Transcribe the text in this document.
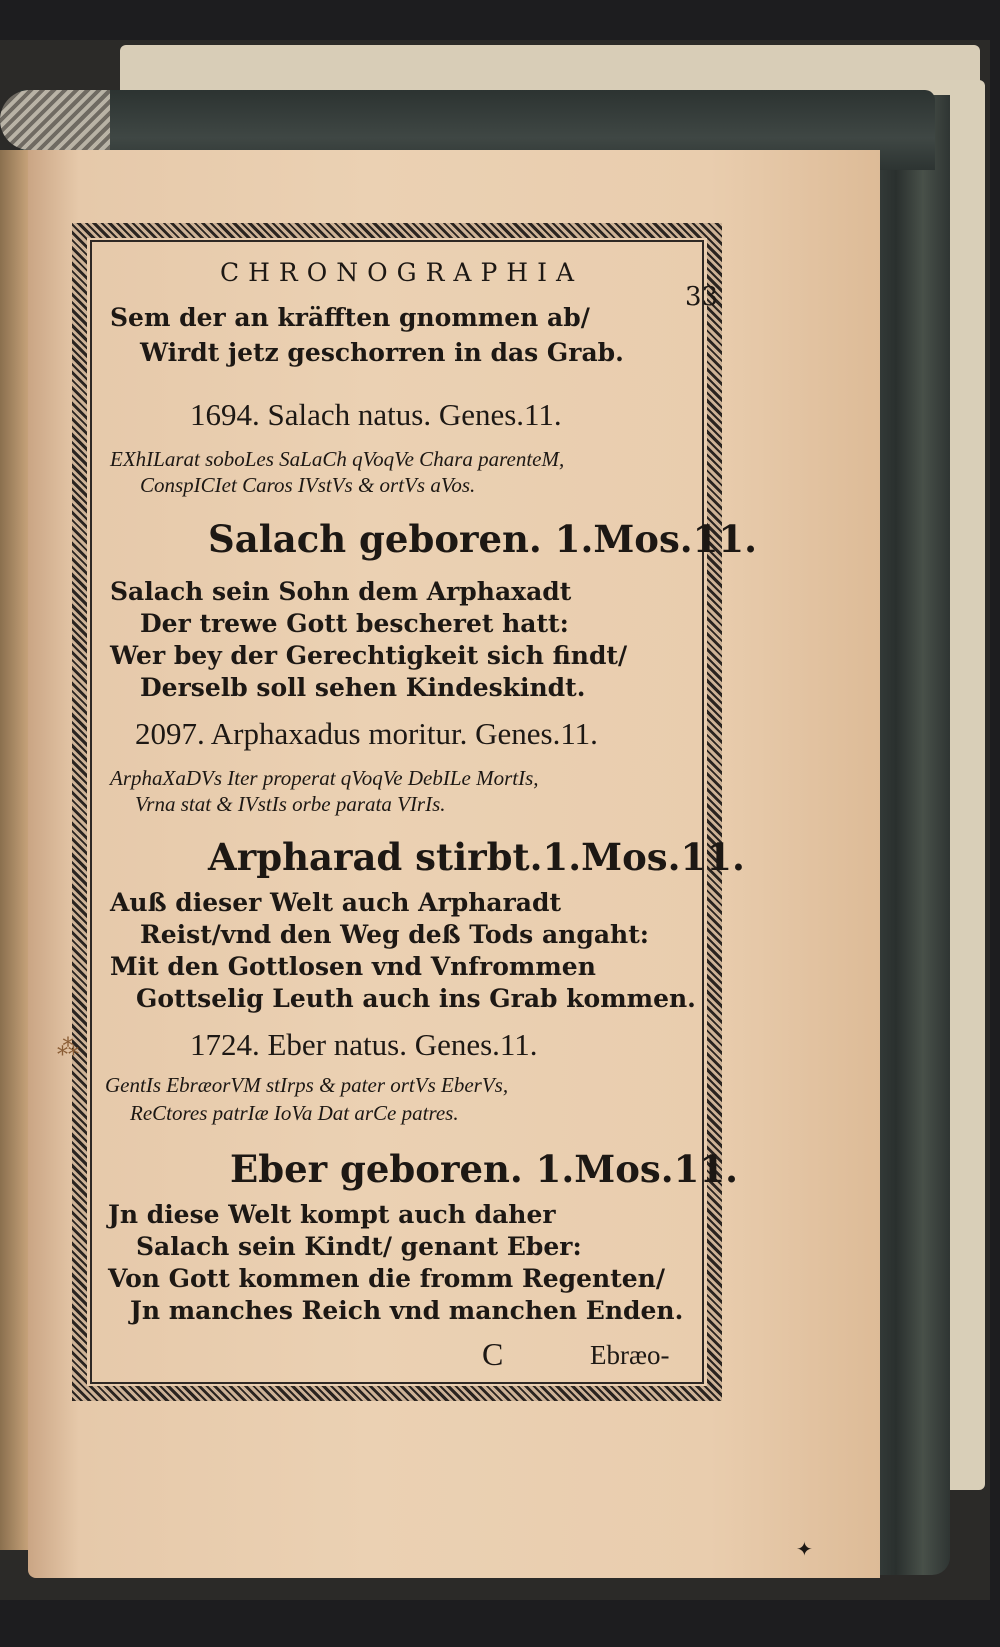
CHRONOGRAPHIA
33
Sem der an kräfften gnommen ab/
Wirdt jetz geschorren in das Grab.
1694. Salach natus. Genes.11.
EXhILarat soboLes SaLaCh qVoqVe Chara parenteM,
ConspICIet Caros IVstVs & ortVs aVos.
Salach geboren. 1.Mos.11.
Salach sein Sohn dem Arphaxadt
Der trewe Gott bescheret hatt:
Wer bey der Gerechtigkeit sich findt/
Derselb soll sehen Kindeskindt.
2097. Arphaxadus moritur. Genes.11.
ArphaXaDVs Iter properat qVoqVe DebILe MortIs,
Vrna stat & IVstIs orbe parata VIrIs.
Arpharad stirbt.1.Mos.11.
Auß dieser Welt auch Arpharadt
Reist/vnd den Weg deß Tods angaht:
Mit den Gottlosen vnd Vnfrommen
Gottselig Leuth auch ins Grab kommen.
1724. Eber natus. Genes.11.
GentIs EbræorVM stIrps & pater ortVs EberVs,
ReCtores patrIæ IoVa Dat arCe patres.
Eber geboren. 1.Mos.11.
Jn diese Welt kompt auch daher
Salach sein Kindt/ genant Eber:
Von Gott kommen die fromm Regenten/
Jn manches Reich vnd manchen Enden.
C	Ebræo-
⁂
✦
